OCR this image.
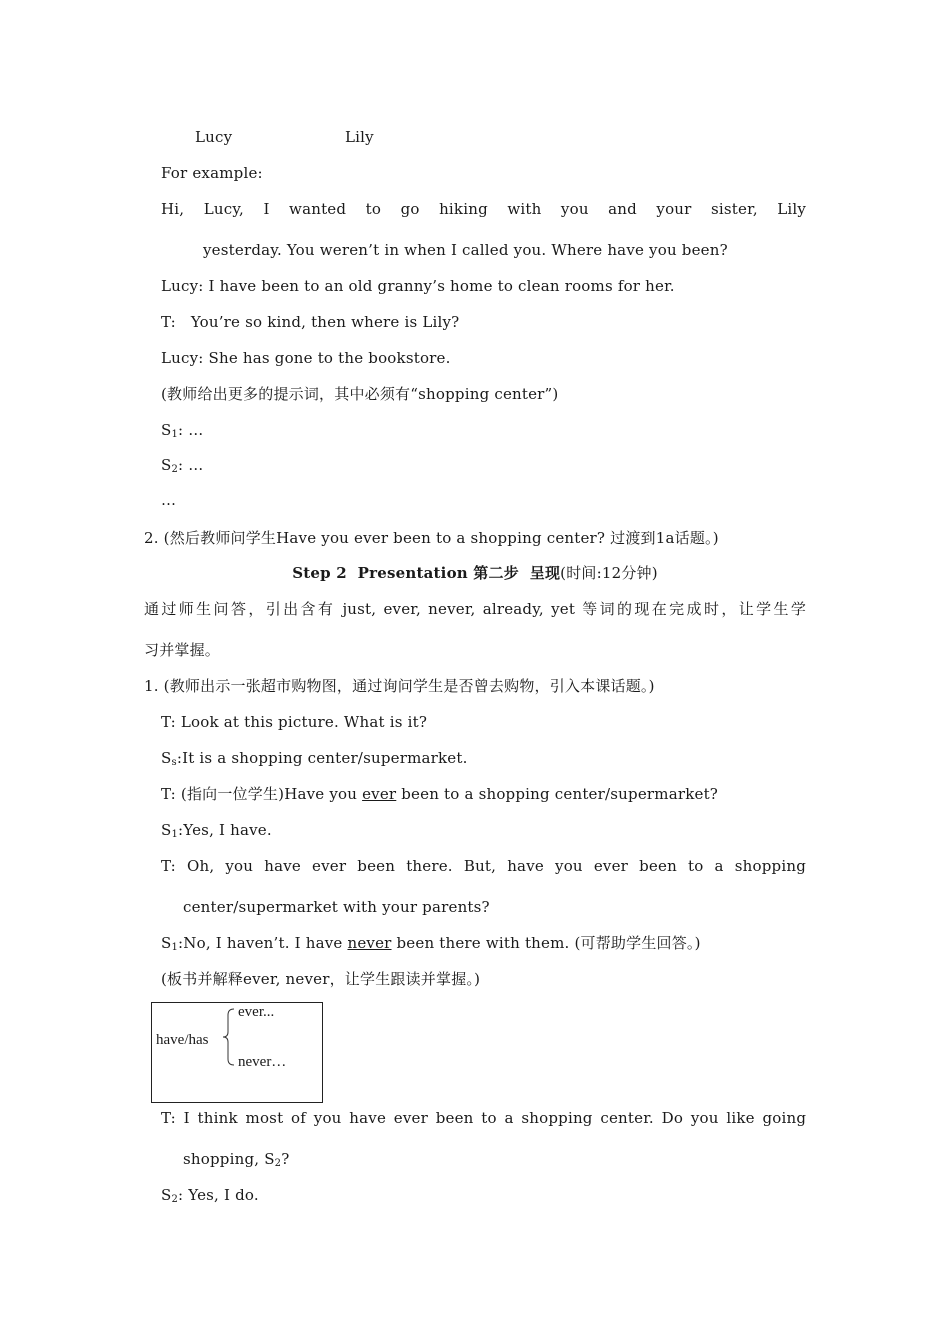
Lucy	Lily
For example:
Hi, Lucy, I wanted to go hiking with you and your sister, Lily
yesterday. You weren’t in when I called you. Where have you been?
Lucy: I have been to an old granny’s home to clean rooms for her.
T:   You’re so kind, then where is Lily?
Lucy: She has gone to the bookstore.
(教师给出更多的提示词，其中必须有“shopping center”)
$S_1$: …
$S_2$: …
…
2. (然后教师问学生Have you ever been to a shopping center? 过渡到1a话题。)
Step 2  Presentation 第二步  呈现(时间:12分钟)
通过师生问答，引出含有 just, ever, never, already, yet 等词的现在完成时，让学生学
习并掌握。
1. (教师出示一张超市购物图，通过询问学生是否曾去购物，引入本课话题。)
T: Look at this picture. What is it?
$S_s:It$ is a shopping center/supermarket.
T: (指向一位学生)Have you ever been to a shopping center/supermarket?
$S_1:Yes$, I have.
T: Oh, you have ever been there. But, have you ever been to a shopping
center/supermarket with your parents?
$S_1:No$, I haven’t. I have never been there with them. (可帮助学生回答。)
(板书并解释ever, never，让学生跟读并掌握。)
have/has
ever...
never…
T: I think most of you have ever been to a shopping center. Do you like going
shopping, $S_2$?
$S_2$: Yes, I do.
